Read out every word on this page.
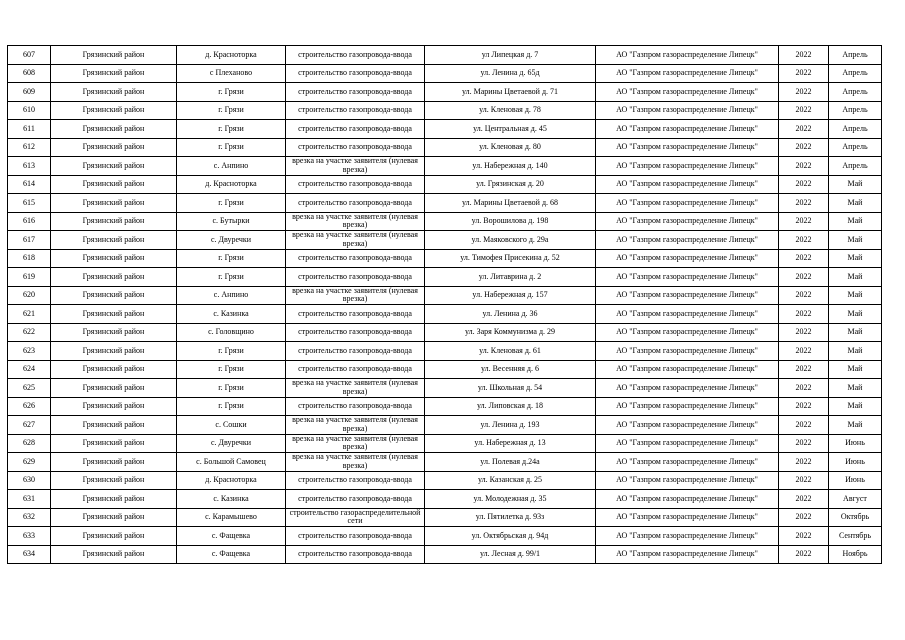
607	Грязинский район	д. Красноторка	строительство газопровода-ввода	ул Липецкая д. 7	АО "Газпром газораспределение Липецк"	2022	Апрель
608	Грязинский район	с Плеханово	строительство газопровода-ввода	ул. Ленина д. 65д	АО "Газпром газораспределение Липецк"	2022	Апрель
609	Грязинский район	г. Грязи	строительство газопровода-ввода	ул. Марины Цветаевой д. 71	АО "Газпром газораспределение Липецк"	2022	Апрель
610	Грязинский район	г. Грязи	строительство газопровода-ввода	ул. Кленовая д. 78	АО "Газпром газораспределение Липецк"	2022	Апрель
611	Грязинский район	г. Грязи	строительство газопровода-ввода	ул. Центральная д. 45	АО "Газпром газораспределение Липецк"	2022	Апрель
612	Грязинский район	г. Грязи	строительство газопровода-ввода	ул. Кленовая д. 80	АО "Газпром газораспределение Липецк"	2022	Апрель
613	Грязинский район	с. Анпино	врезка на участке заявителя (нулевая врезка)	ул. Набережная д. 140	АО "Газпром газораспределение Липецк"	2022	Апрель
614	Грязинский район	д. Красноторка	строительство газопровода-ввода	ул. Грязинская д. 20	АО "Газпром газораспределение Липецк"	2022	Май
615	Грязинский район	г. Грязи	строительство газопровода-ввода	ул. Марины Цветаевой д. 68	АО "Газпром газораспределение Липецк"	2022	Май
616	Грязинский район	с. Бутырки	врезка на участке заявителя (нулевая врезка)	ул. Ворошилова д. 198	АО "Газпром газораспределение Липецк"	2022	Май
617	Грязинский район	с. Двуречки	врезка на участке заявителя (нулевая врезка)	ул. Маяковского д. 29а	АО "Газпром газораспределение Липецк"	2022	Май
618	Грязинский район	г. Грязи	строительство газопровода-ввода	ул. Тимофея Присекина д. 52	АО "Газпром газораспределение Липецк"	2022	Май
619	Грязинский район	г. Грязи	строительство газопровода-ввода	ул. Литаврина д. 2	АО "Газпром газораспределение Липецк"	2022	Май
620	Грязинский район	с. Анпино	врезка на участке заявителя (нулевая врезка)	ул. Набережная д. 157	АО "Газпром газораспределение Липецк"	2022	Май
621	Грязинский район	с. Казинка	строительство газопровода-ввода	ул. Ленина д. 36	АО "Газпром газораспределение Липецк"	2022	Май
622	Грязинский район	с. Головщино	строительство газопровода-ввода	ул. Заря Коммунизма д. 29	АО "Газпром газораспределение Липецк"	2022	Май
623	Грязинский район	г. Грязи	строительство газопровода-ввода	ул. Кленовая д. 61	АО "Газпром газораспределение Липецк"	2022	Май
624	Грязинский район	г. Грязи	строительство газопровода-ввода	ул. Весенняя д. 6	АО "Газпром газораспределение Липецк"	2022	Май
625	Грязинский район	г. Грязи	врезка на участке заявителя (нулевая врезка)	ул. Школьная д. 54	АО "Газпром газораспределение Липецк"	2022	Май
626	Грязинский район	г. Грязи	строительство газопровода-ввода	ул. Липовская д. 18	АО "Газпром газораспределение Липецк"	2022	Май
627	Грязинский район	с. Сошки	врезка на участке заявителя (нулевая врезка)	ул. Ленина д. 193	АО "Газпром газораспределение Липецк"	2022	Май
628	Грязинский район	с. Двуречки	врезка на участке заявителя (нулевая врезка)	ул. Набережная д. 13	АО "Газпром газораспределение Липецк"	2022	Июнь
629	Грязинский район	с. Большой Самовец	врезка на участке заявителя (нулевая врезка)	ул. Полевая д.24а	АО "Газпром газораспределение Липецк"	2022	Июнь
630	Грязинский район	д. Красноторка	строительство газопровода-ввода	ул. Казанская д. 25	АО "Газпром газораспределение Липецк"	2022	Июнь
631	Грязинский район	с. Казинка	строительство газопровода-ввода	ул. Молодежная д. 35	АО "Газпром газораспределение Липецк"	2022	Август
632	Грязинский район	с. Карамышево	строительство газораспределительной сети	ул. Пятилетка д. 93з	АО "Газпром газораспределение Липецк"	2022	Октябрь
633	Грязинский район	с. Фащевка	строительство газопровода-ввода	ул. Октябрьская д. 94д	АО "Газпром газораспределение Липецк"	2022	Сентябрь
634	Грязинский район	с. Фащевка	строительство газопровода-ввода	ул. Лесная д. 99/1	АО "Газпром газораспределение Липецк"	2022	Ноябрь
